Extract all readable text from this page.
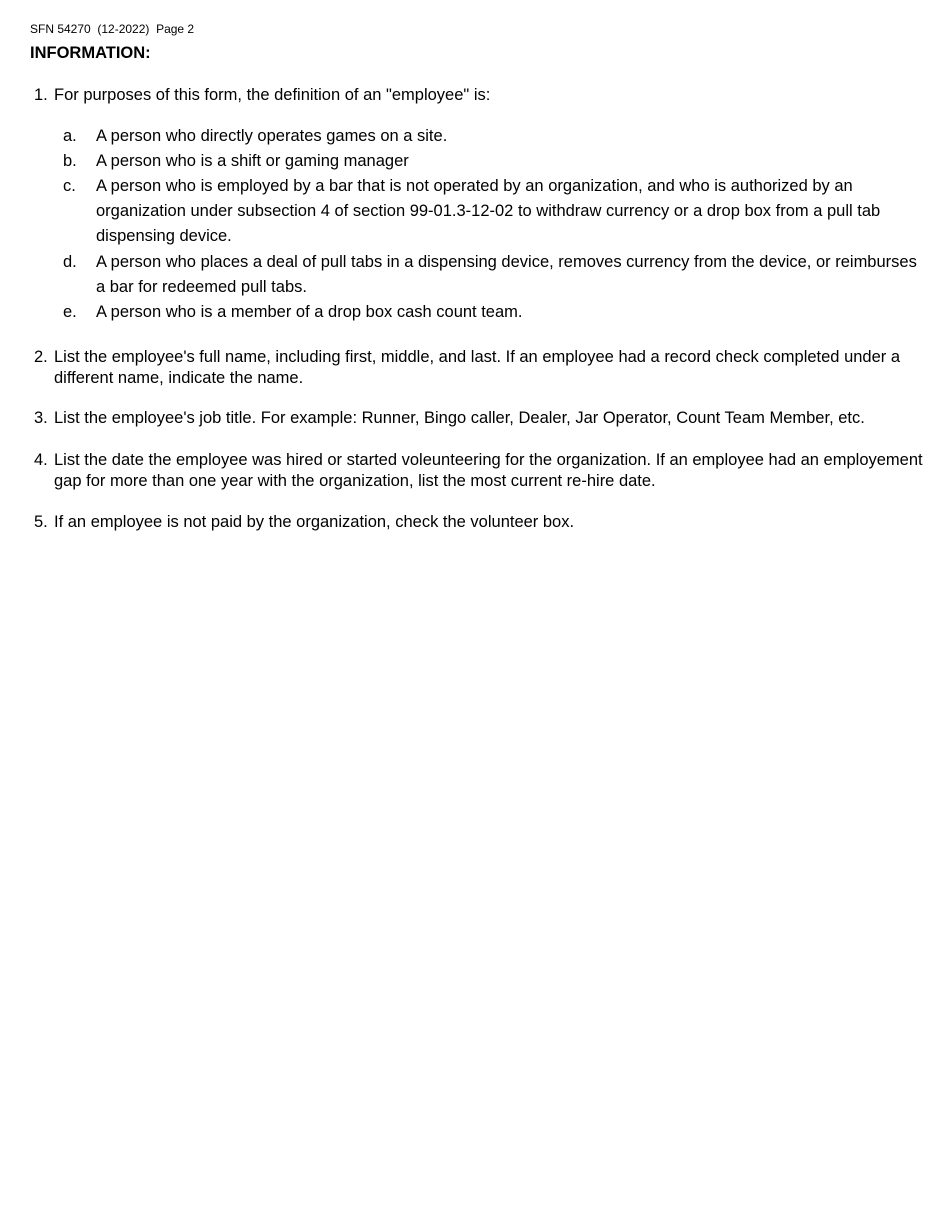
SFN 54270  (12-2022)  Page 2
INFORMATION:
1. For purposes of this form, the definition of an "employee" is:
a. A person who directly operates games on a site.
b. A person who is a shift or gaming manager
c. A person who is employed by a bar that is not operated by an organization, and who is authorized by an organization under subsection 4 of section 99-01.3-12-02 to withdraw currency or a drop box from a pull tab dispensing device.
d. A person who places a deal of pull tabs in a dispensing device, removes currency from the device, or reimburses a bar for redeemed pull tabs.
e. A person who is a member of a drop box cash count team.
2. List the employee's full name, including first, middle, and last. If an employee had a record check completed under a different name, indicate the name.
3. List the employee's job title. For example: Runner, Bingo caller, Dealer, Jar Operator, Count Team Member, etc.
4. List the date the employee was hired or started voleunteering for the organization. If an employee had an employement gap for more than one year with the organization, list the most current re-hire date.
5. If an employee is not paid by the organization, check the volunteer box.
